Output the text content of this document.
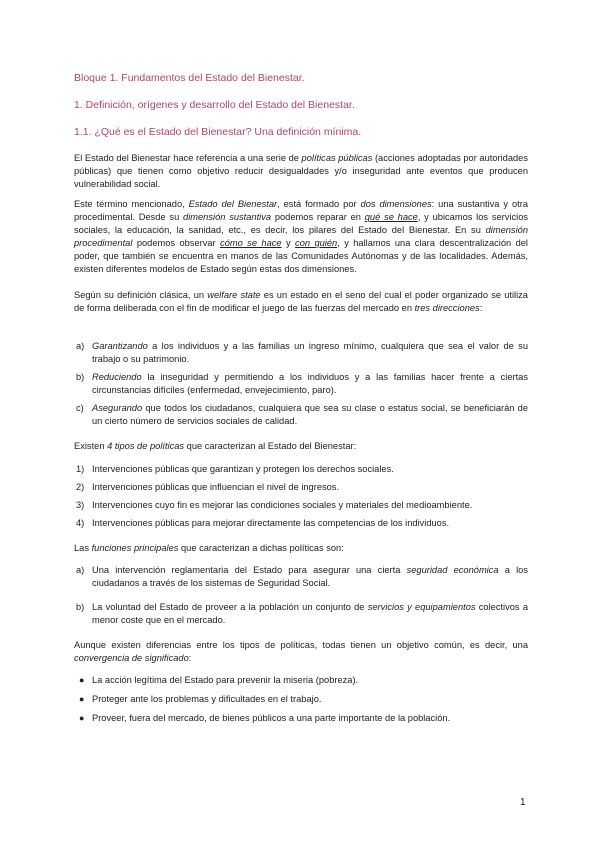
Bloque 1. Fundamentos del Estado del Bienestar.
1. Definición, orígenes y desarrollo del Estado del Bienestar.
1.1. ¿Qué es el Estado del Bienestar? Una definición mínima.
El Estado del Bienestar hace referencia a una serie de políticas públicas (acciones adoptadas por autoridades públicas) que tienen como objetivo reducir desigualdades y/o inseguridad ante eventos que producen vulnerabilidad social.
Este término mencionado, Estado del Bienestar, está formado por dos dimensiones: una sustantiva y otra procedimental. Desde su dimensión sustantiva podemos reparar en qué se hace, y ubicamos los servicios sociales, la educación, la sanidad, etc., es decir, los pilares del Estado del Bienestar. En su dimensión procedimental podemos observar cómo se hace y con quién, y hallamos una clara descentralización del poder, que también se encuentra en manos de las Comunidades Autónomas y de las localidades. Además, existen diferentes modelos de Estado según estas dos dimensiones.
Según su definición clásica, un welfare state es un estado en el seno del cual el poder organizado se utiliza de forma deliberada con el fin de modificar el juego de las fuerzas del mercado en tres direcciones:
a) Garantizando a los individuos y a las familias un ingreso mínimo, cualquiera que sea el valor de su trabajo o su patrimonio.
b) Reduciendo la inseguridad y permitiendo a los individuos y a las familias hacer frente a ciertas circunstancias difíciles (enfermedad, envejecimiento, paro).
c) Asegurando que todos los ciudadanos, cualquiera que sea su clase o estatus social, se beneficiarán de un cierto número de servicios sociales de calidad.
Existen 4 tipos de políticas que caracterizan al Estado del Bienestar:
1) Intervenciones públicas que garantizan y protegen los derechos sociales.
2) Intervenciones públicas que influencian el nivel de ingresos.
3) Intervenciones cuyo fin es mejorar las condiciones sociales y materiales del medioambiente.
4) Intervenciones públicas para mejorar directamente las competencias de los individuos.
Las funciones principales que caracterizan a dichas políticas son:
a) Una intervención reglamentaria del Estado para asegurar una cierta seguridad económica a los ciudadanos a través de los sistemas de Seguridad Social.
b) La voluntad del Estado de proveer a la población un conjunto de servicios y equipamientos colectivos a menor coste que en el mercado.
Aunque existen diferencias entre los tipos de políticas, todas tienen un objetivo común, es decir, una convergencia de significado:
● La acción legítima del Estado para prevenir la miseria (pobreza).
● Proteger ante los problemas y dificultades en el trabajo.
● Proveer, fuera del mercado, de bienes públicos a una parte importante de la población.
1
